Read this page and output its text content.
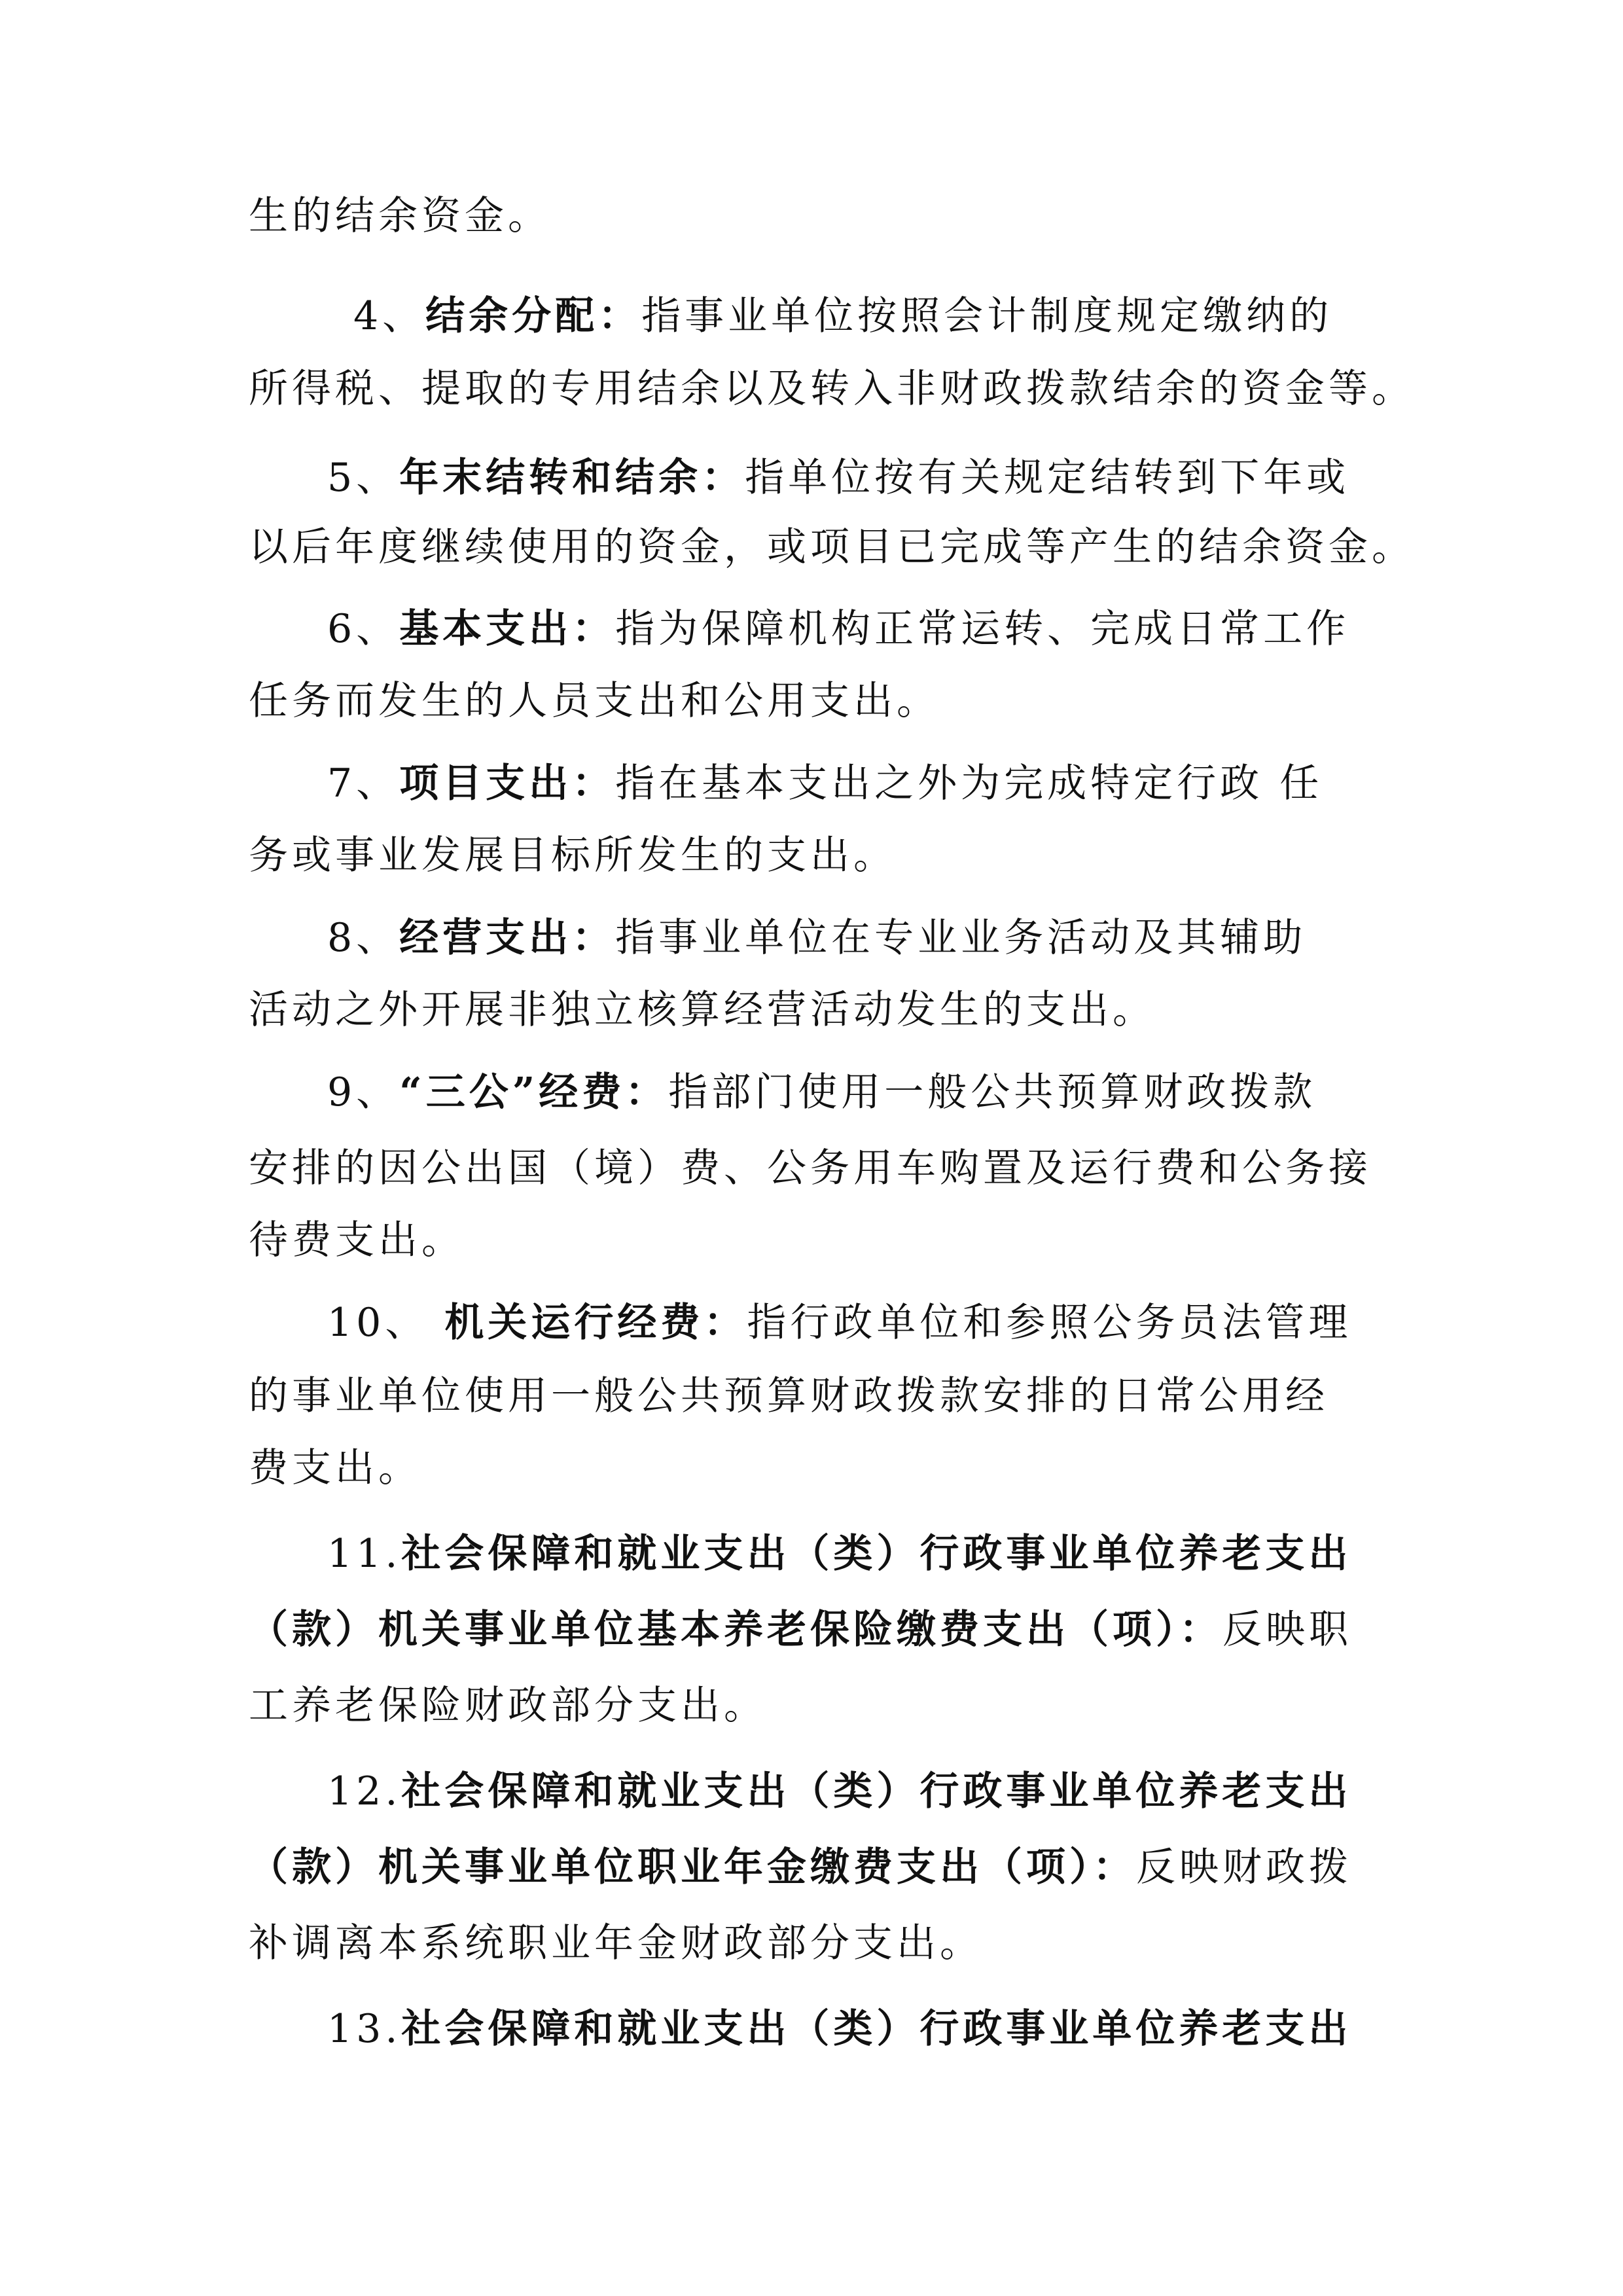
生的结余资金。
4、结余分配：指事业单位按照会计制度规定缴纳的
所得税、提取的专用结余以及转入非财政拨款结余的资金等。
5、年末结转和结余：指单位按有关规定结转到下年或
以后年度继续使用的资金，或项目已完成等产生的结余资金。
6、基本支出：指为保障机构正常运转、完成日常工作
任务而发生的人员支出和公用支出。
7、项目支出：指在基本支出之外为完成特定行政 任
务或事业发展目标所发生的支出。
8、经营支出：指事业单位在专业业务活动及其辅助
活动之外开展非独立核算经营活动发生的支出。
9、“三公”经费：指部门使用一般公共预算财政拨款
安排的因公出国（境）费、公务用车购置及运行费和公务接
待费支出。
10、 机关运行经费：指行政单位和参照公务员法管理
的事业单位使用一般公共预算财政拨款安排的日常公用经
费支出。
11.社会保障和就业支出（类）行政事业单位养老支出
（款）机关事业单位基本养老保险缴费支出（项）：反映职
工养老保险财政部分支出。
12.社会保障和就业支出（类）行政事业单位养老支出
（款）机关事业单位职业年金缴费支出（项）：反映财政拨
补调离本系统职业年金财政部分支出。
13.社会保障和就业支出（类）行政事业单位养老支出
